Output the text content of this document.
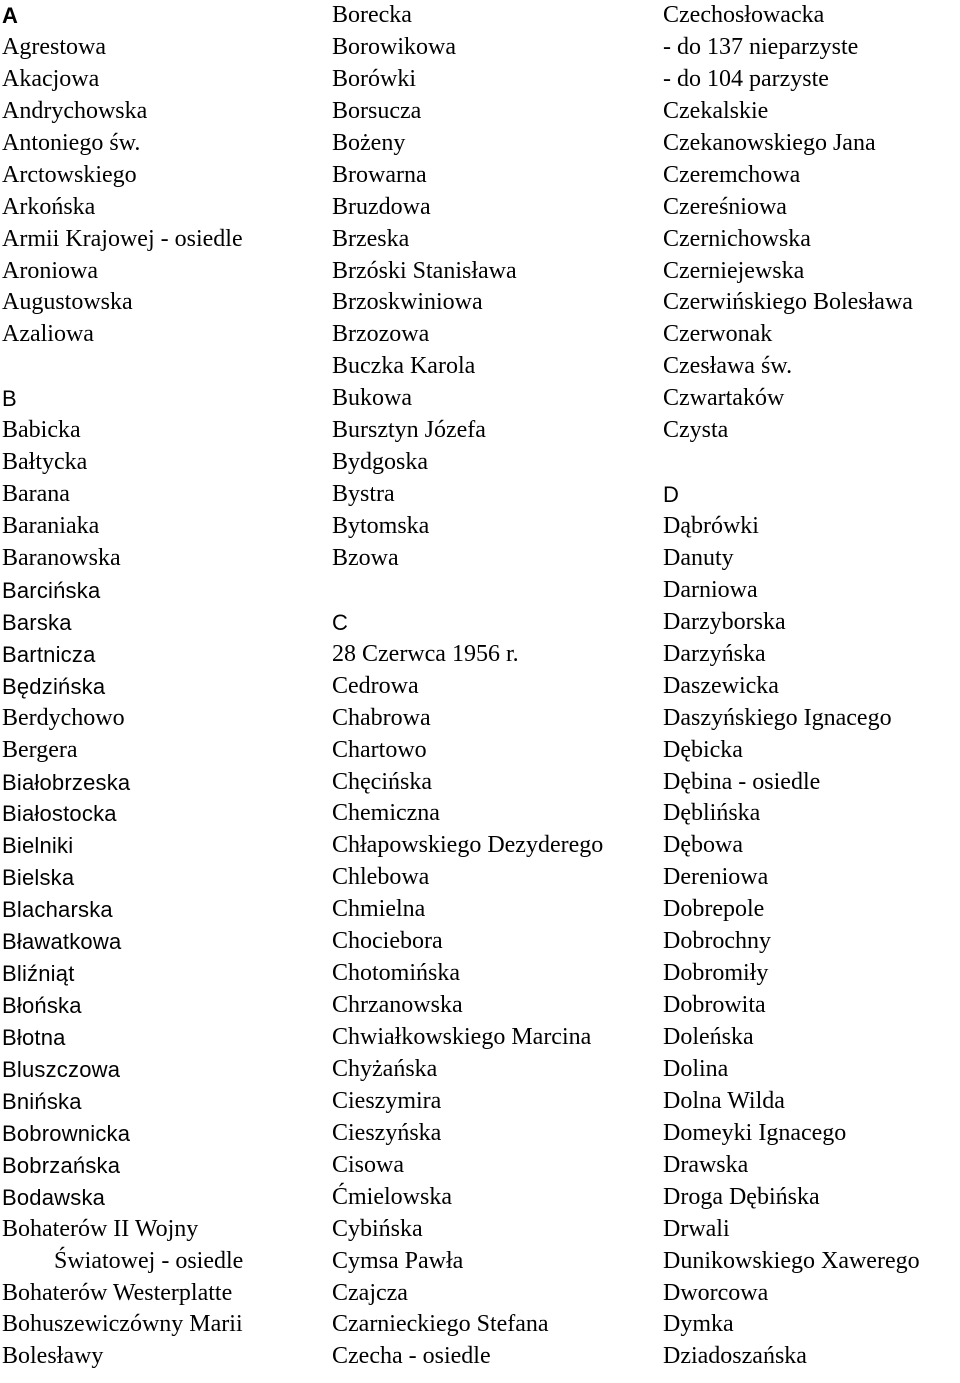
A
Agrestowa
Akacjowa
Andrychowska
Antoniego św.
Arctowskiego
Arkońska
Armii Krajowej - osiedle
Aroniowa
Augustowska
Azaliowa
B
Babicka
Bałtycka
Barana
Baraniaka
Baranowska
Barcińska
Barska
Bartnicza
Będzińska
Berdychowo
Bergera
Białobrzeska
Białostocka
Bielniki
Bielska
Blacharska
Bławatkowa
Bliźniąt
Błońska
Błotna
Bluszczowa
Bnińska
Bobrownicka
Bobrzańska
Bodawska
Bohaterów II Wojny
Światowej - osiedle
Bohaterów Westerplatte
Bohuszewiczówny Marii
Bolesławy
Borecka
Borowikowa
Borówki
Borsucza
Bożeny
Browarna
Bruzdowa
Brzeska
Brzóski Stanisława
Brzoskwiniowa
Brzozowa
Buczka Karola
Bukowa
Bursztyn Józefa
Bydgoska
Bystra
Bytomska
Bzowa
C
28 Czerwca 1956 r.
Cedrowa
Chabrowa
Chartowo
Chęcińska
Chemiczna
Chłapowskiego Dezyderego
Chlebowa
Chmielna
Chociebora
Chotomińska
Chrzanowska
Chwiałkowskiego Marcina
Chyżańska
Cieszymira
Cieszyńska
Cisowa
Ćmielowska
Cybińska
Cymsa Pawła
Czajcza
Czarnieckiego Stefana
Czecha - osiedle
Czechosłowacka
- do 137 nieparzyste
- do 104 parzyste
Czekalskie
Czekanowskiego Jana
Czeremchowa
Czereśniowa
Czernichowska
Czerniejewska
Czerwińskiego Bolesława
Czerwonak
Czesława św.
Czwartaków
Czysta
D
Dąbrówki
Danuty
Darniowa
Darzyborska
Darzyńska
Daszewicka
Daszyńskiego Ignacego
Dębicka
Dębina - osiedle
Dęblińska
Dębowa
Dereniowa
Dobrepole
Dobrochny
Dobromiły
Dobrowita
Doleńska
Dolina
Dolna Wilda
Domeyki Ignacego
Drawska
Droga Dębińska
Drwali
Dunikowskiego Xawerego
Dworcowa
Dymka
Dziadoszańska
